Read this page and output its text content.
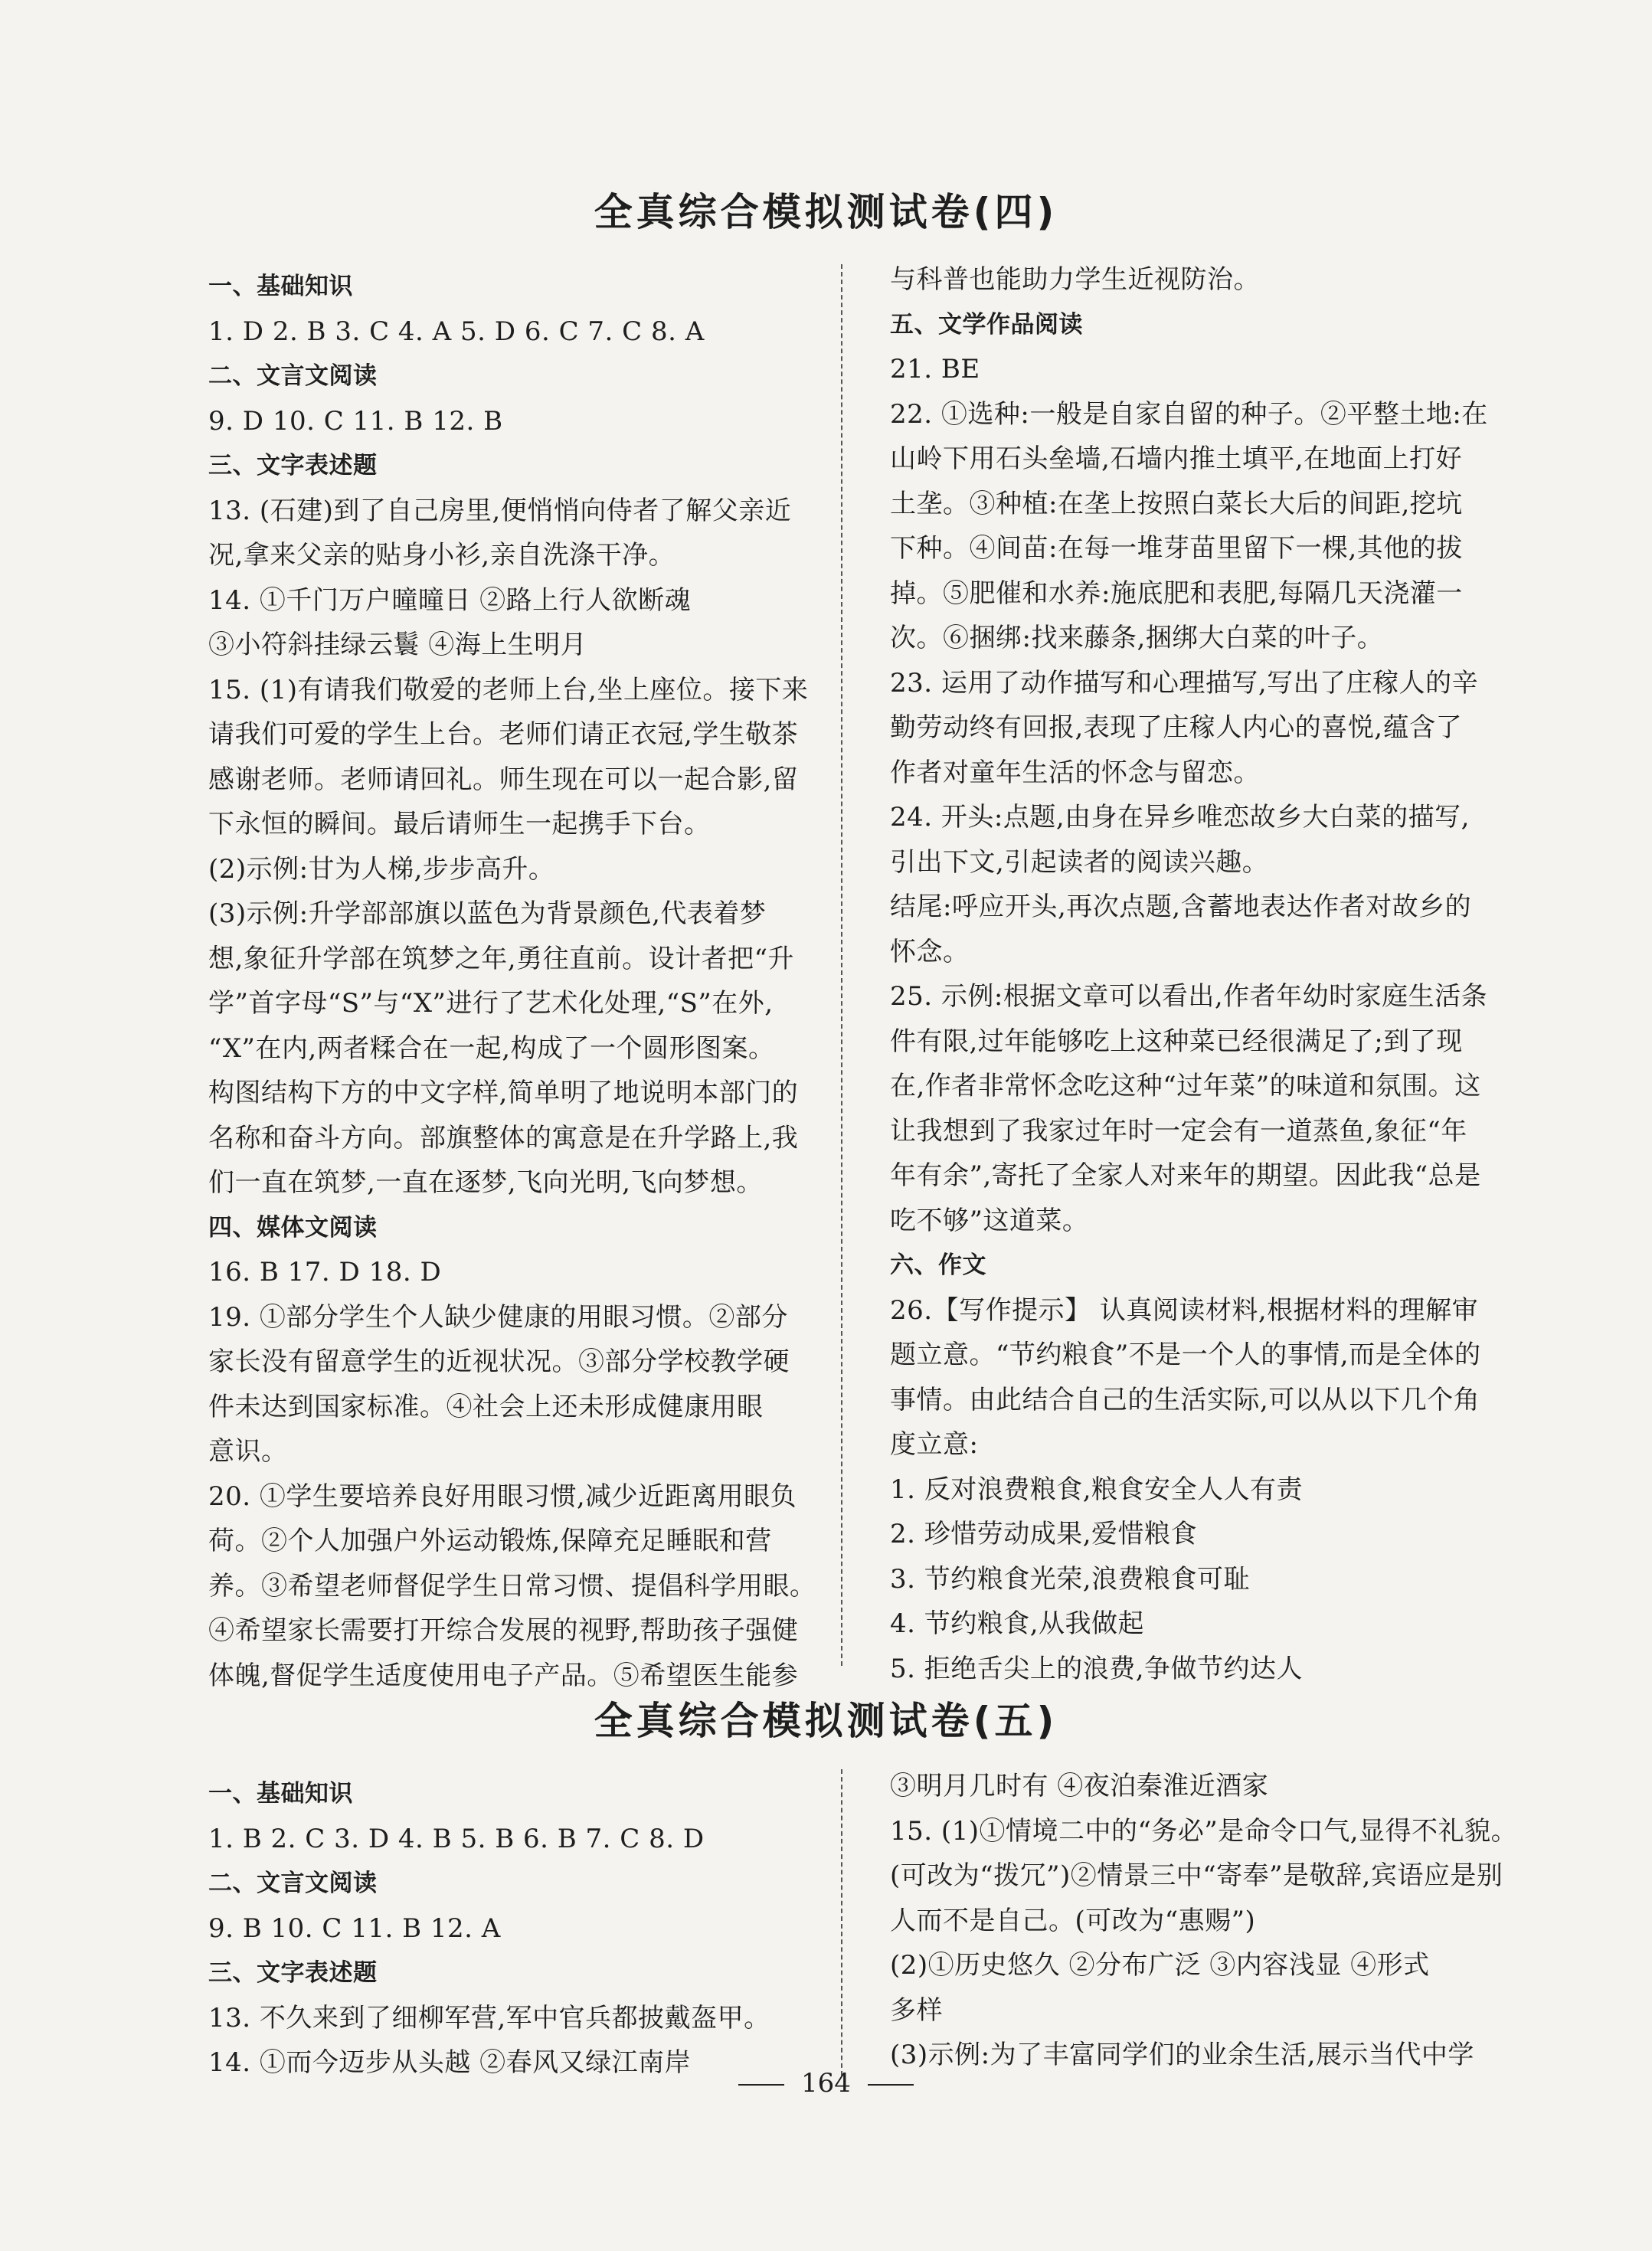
全真综合模拟测试卷(四)

一、基础知识

1. D 2. B 3. C 4. A 5. D 6. C 7. C 8. A

二、文言文阅读

9. D 10. C 11. B 12. B

三、文字表述题

13. (石建)到了自己房里,便悄悄向侍者了解父亲近

况,拿来父亲的贴身小衫,亲自洗涤干净。

14. ①千门万户曈曈日 ②路上行人欲断魂

③小符斜挂绿云鬟 ④海上生明月

15. (1)有请我们敬爱的老师上台,坐上座位。接下来

请我们可爱的学生上台。老师们请正衣冠,学生敬茶

感谢老师。老师请回礼。师生现在可以一起合影,留

下永恒的瞬间。最后请师生一起携手下台。

(2)示例:甘为人梯,步步高升。

(3)示例:升学部部旗以蓝色为背景颜色,代表着梦

想,象征升学部在筑梦之年,勇往直前。设计者把“升

学”首字母“S”与“X”进行了艺术化处理,“S”在外,

“X”在内,两者糅合在一起,构成了一个圆形图案。

构图结构下方的中文字样,简单明了地说明本部门的

名称和奋斗方向。部旗整体的寓意是在升学路上,我

们一直在筑梦,一直在逐梦,飞向光明,飞向梦想。

四、媒体文阅读

16. B 17. D 18. D

19. ①部分学生个人缺少健康的用眼习惯。②部分

家长没有留意学生的近视状况。③部分学校教学硬

件未达到国家标准。④社会上还未形成健康用眼

意识。

20. ①学生要培养良好用眼习惯,减少近距离用眼负

荷。②个人加强户外运动锻炼,保障充足睡眠和营

养。③希望老师督促学生日常习惯、提倡科学用眼。

④希望家长需要打开综合发展的视野,帮助孩子强健

体魄,督促学生适度使用电子产品。⑤希望医生能参

与科普也能助力学生近视防治。

五、文学作品阅读

21. BE

22. ①选种:一般是自家自留的种子。②平整土地:在

山岭下用石头垒墙,石墙内推土填平,在地面上打好

土垄。③种植:在垄上按照白菜长大后的间距,挖坑

下种。④间苗:在每一堆芽苗里留下一棵,其他的拔

掉。⑤肥催和水养:施底肥和表肥,每隔几天浇灌一

次。⑥捆绑:找来藤条,捆绑大白菜的叶子。

23. 运用了动作描写和心理描写,写出了庄稼人的辛

勤劳动终有回报,表现了庄稼人内心的喜悦,蕴含了

作者对童年生活的怀念与留恋。

24. 开头:点题,由身在异乡唯恋故乡大白菜的描写,

引出下文,引起读者的阅读兴趣。

结尾:呼应开头,再次点题,含蓄地表达作者对故乡的

怀念。

25. 示例:根据文章可以看出,作者年幼时家庭生活条

件有限,过年能够吃上这种菜已经很满足了;到了现

在,作者非常怀念吃这种“过年菜”的味道和氛围。这

让我想到了我家过年时一定会有一道蒸鱼,象征“年

年有余”,寄托了全家人对来年的期望。因此我“总是

吃不够”这道菜。

六、作文

26.【写作提示】 认真阅读材料,根据材料的理解审

题立意。“节约粮食”不是一个人的事情,而是全体的

事情。由此结合自己的生活实际,可以从以下几个角

度立意:

1. 反对浪费粮食,粮食安全人人有责

2. 珍惜劳动成果,爱惜粮食

3. 节约粮食光荣,浪费粮食可耻

4. 节约粮食,从我做起

5. 拒绝舌尖上的浪费,争做节约达人

全真综合模拟测试卷(五)

一、基础知识

1. B 2. C 3. D 4. B 5. B 6. B 7. C 8. D

二、文言文阅读

9. B 10. C 11. B 12. A

三、文字表述题

13. 不久来到了细柳军营,军中官兵都披戴盔甲。

14. ①而今迈步从头越 ②春风又绿江南岸

③明月几时有 ④夜泊秦淮近酒家

15. (1)①情境二中的“务必”是命令口气,显得不礼貌。

(可改为“拨冗”)②情景三中“寄奉”是敬辞,宾语应是别

人而不是自己。(可改为“惠赐”)

(2)①历史悠久 ②分布广泛 ③内容浅显 ④形式

多样

(3)示例:为了丰富同学们的业余生活,展示当代中学

164
